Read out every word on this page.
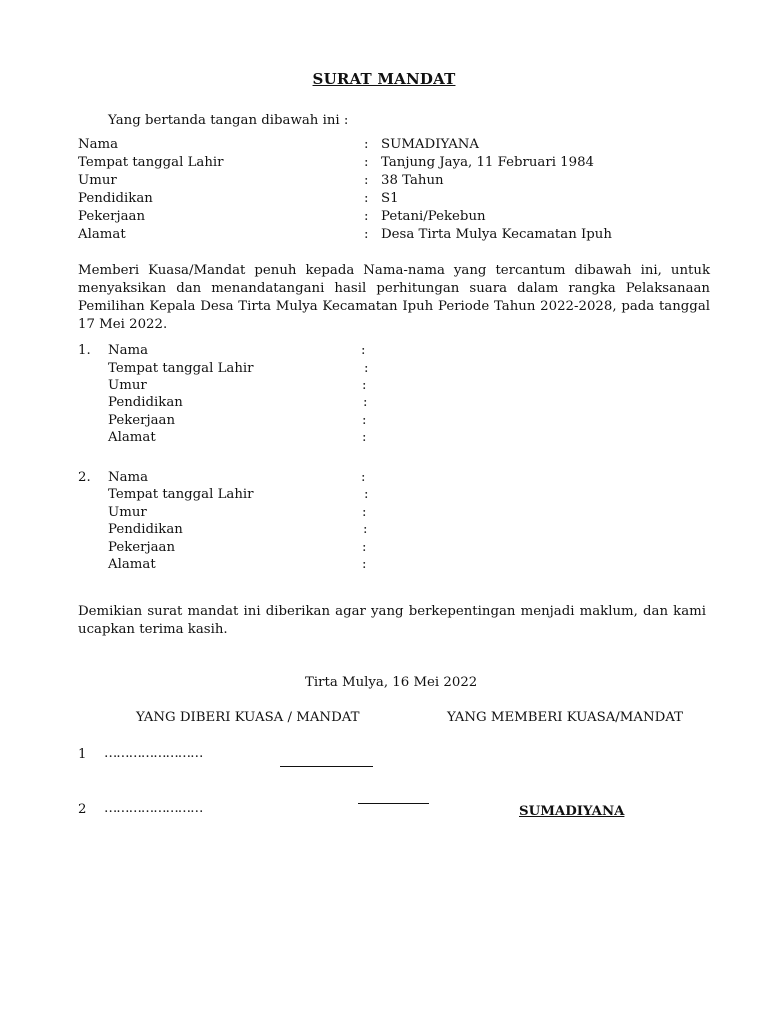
SURAT MANDAT
Yang bertanda tangan dibawah ini :
Nama	: SUMADIYANA
Tempat tanggal Lahir	: Tanjung Jaya, 11 Februari 1984
Umur	: 38 Tahun
Pendidikan	: S1
Pekerjaan	: Petani/Pekebun
Alamat	: Desa Tirta Mulya Kecamatan Ipuh
Memberi Kuasa/Mandat penuh kepada Nama-nama yang tercantum dibawah ini, untuk menyaksikan dan menandatangani hasil perhitungan suara dalam rangka Pelaksanaan Pemilihan Kepala Desa Tirta Mulya Kecamatan Ipuh Periode Tahun 2022-2028, pada tanggal 17 Mei 2022.
1. Nama	:
Tempat tanggal Lahir	:
Umur	:
Pendidikan	:
Pekerjaan	:
Alamat	:
2. Nama	:
Tempat tanggal Lahir	:
Umur	:
Pendidikan	:
Pekerjaan	:
Alamat	:
Demikian surat mandat ini diberikan agar yang berkepentingan menjadi maklum, dan kami ucapkan terima kasih.
Tirta Mulya, 16 Mei 2022
YANG DIBERI KUASA / MANDAT	YANG MEMBERI KUASA/MANDAT
1 ……………………
2 ……………………	SUMADIYANA
